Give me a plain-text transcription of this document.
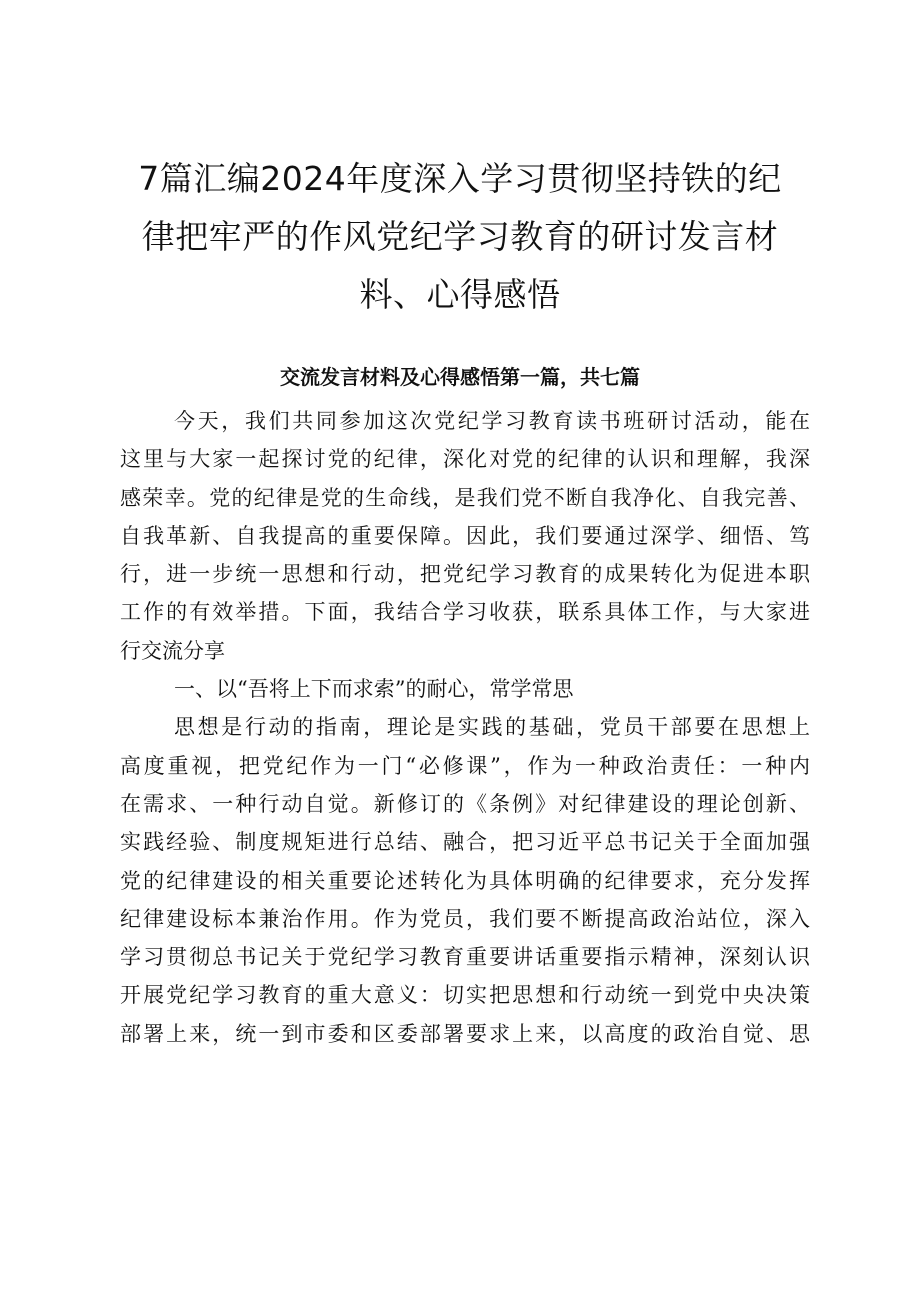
7篇汇编2024年度深入学习贯彻坚持铁的纪
律把牢严的作风党纪学习教育的研讨发言材
料、心得感悟
交流发言材料及心得感悟第一篇，共七篇
今天，我们共同参加这次党纪学习教育读书班研讨活动，能在
这里与大家一起探讨党的纪律，深化对党的纪律的认识和理解，我深
感荣幸。党的纪律是党的生命线，是我们党不断自我净化、自我完善、
自我革新、自我提高的重要保障。因此，我们要通过深学、细悟、笃
行，进一步统一思想和行动，把党纪学习教育的成果转化为促进本职
工作的有效举措。下面，我结合学习收获，联系具体工作，与大家进
行交流分享
一、以“吾将上下而求索”的耐心，常学常思
思想是行动的指南，理论是实践的基础，党员干部要在思想上
高度重视，把党纪作为一门“必修课”，作为一种政治责任：一种内
在需求、一种行动自觉。新修订的《条例》对纪律建设的理论创新、
实践经验、制度规矩进行总结、融合，把习近平总书记关于全面加强
党的纪律建设的相关重要论述转化为具体明确的纪律要求，充分发挥
纪律建设标本兼治作用。作为党员，我们要不断提高政治站位，深入
学习贯彻总书记关于党纪学习教育重要讲话重要指示精神，深刻认识
开展党纪学习教育的重大意义：切实把思想和行动统一到党中央决策
部署上来，统一到市委和区委部署要求上来，以高度的政治自觉、思
